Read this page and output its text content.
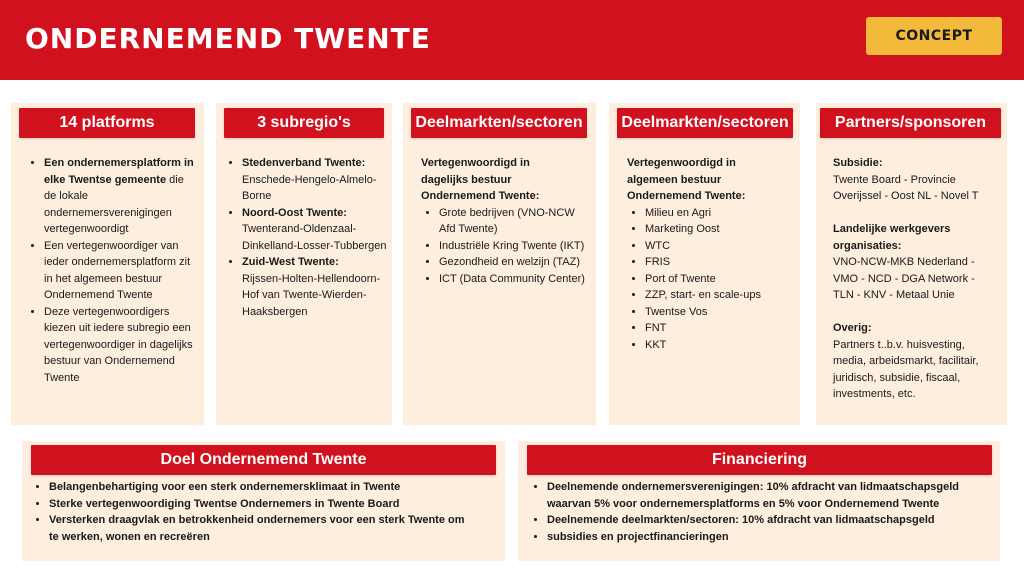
ONDERNEMEND TWENTE	CONCEPT
14 platforms
• Een ondernemersplatform in elke Twentse gemeente die de lokale ondernemersverenigingen vertegenwoordigt
• Een vertegenwoordiger van ieder ondernemersplatform zit in het algemeen bestuur Ondernemend Twente
• Deze vertegenwoordigers kiezen uit iedere subregio een vertegenwoordiger in dagelijks bestuur van Ondernemend Twente
3 subregio's
• Stedenverband Twente:
Enschede-Hengelo-Almelo-Borne
• Noord-Oost Twente:
Twenterand-Oldenzaal-Dinkelland-Losser-Tubbergen
• Zuid-West Twente:
Rijssen-Holten-Hellendoorn-Hof van Twente-Wierden-Haaksbergen
Deelmarkten/sectoren

Vertegenwoordigd in dagelijks bestuur Ondernemend Twente:

• Grote bedrijven (VNO-NCW Afd Twente)
• Industriële Kring Twente (IKT)
• Gezondheid en welzijn (TAZ)
• ICT (Data Community Center)
Deelmarkten/sectoren

Vertegenwoordigd in algemeen bestuur Ondernemend Twente:

• Milieu en Agri
• Marketing Oost
• WTC
• FRIS
• Port of Twente
• ZZP, start- en scale-ups
• Twentse Vos
• FNT
• KKT
Partners/sponsoren

Subsidie:

Twente Board - Provincie Overijssel - Oost NL - Novel T

Landelijke werkgevers organisaties:

VNO-NCW-MKB Nederland - VMO - NCD - DGA Network - TLN - KNV - Metaal Unie

Overig:

Partners t..b.v. huisvesting, media, arbeidsmarkt, facilitair, juridisch, subsidie, fiscaal, investments, etc.

Doel Ondernemend Twente
• Belangenbehartiging voor een sterk ondernemersklimaat in Twente
• Sterke vertegenwoordiging Twentse Ondernemers in Twente Board
• Versterken draagvlak en betrokkenheid ondernemers voor een sterk Twente om te werken, wonen en recreëren
Financiering
• Deelnemende ondernemersverenigingen: 10% afdracht van lidmaatschapsgeld waarvan 5% voor ondernemersplatforms en 5% voor Ondernemend Twente
• Deelnemende deelmarkten/sectoren: 10% afdracht van lidmaatschapsgeld
• subsidies en projectfinancieringen
